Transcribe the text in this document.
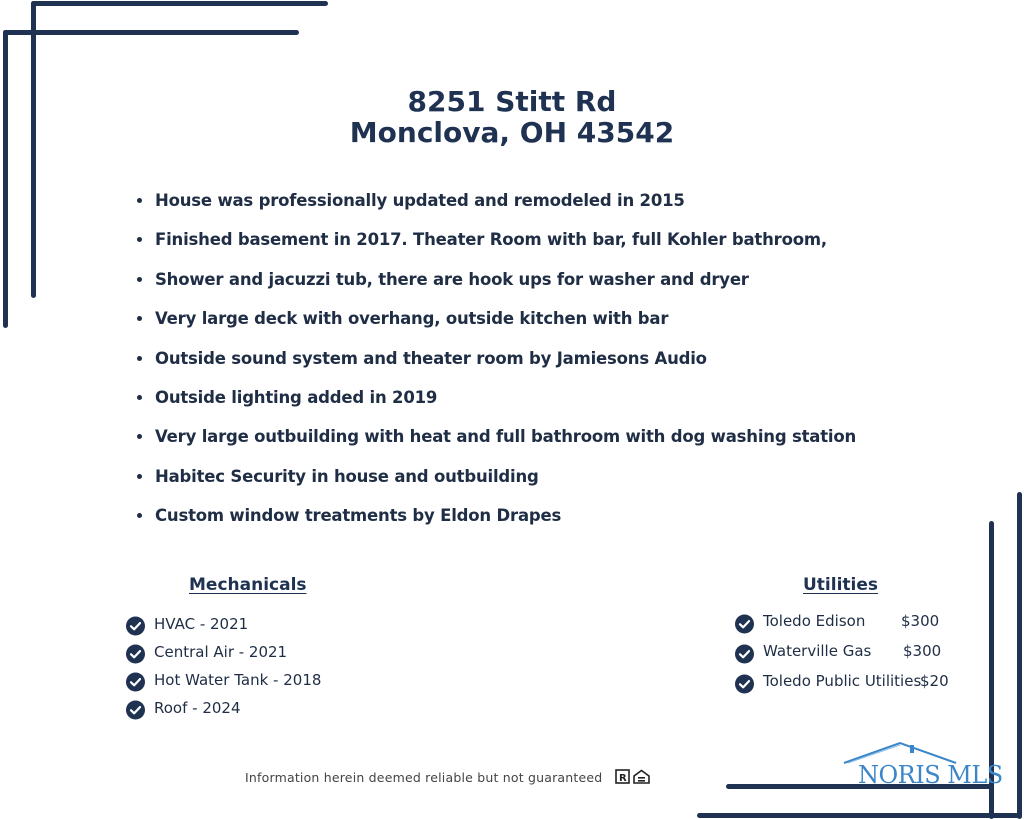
8251 Stitt Rd
Monclova, OH 43542
House was professionally updated and remodeled in 2015
Finished basement in 2017. Theater Room with bar, full Kohler bathroom,
Shower and jacuzzi tub, there are hook ups for washer and dryer
Very large deck with overhang, outside kitchen with bar
Outside sound system and theater room by Jamiesons Audio
Outside lighting added in 2019
Very large outbuilding with heat and full bathroom with dog washing station
Habitec Security in house and outbuilding
Custom window treatments by Eldon Drapes
Mechanicals
HVAC - 2021
Central Air - 2021
Hot Water Tank - 2018
Roof - 2024
Utilities
Toledo Edison $300
Waterville Gas $300
Toledo Public Utilities
$20
Information herein deemed reliable but not guaranteed R	NORIS MLS
